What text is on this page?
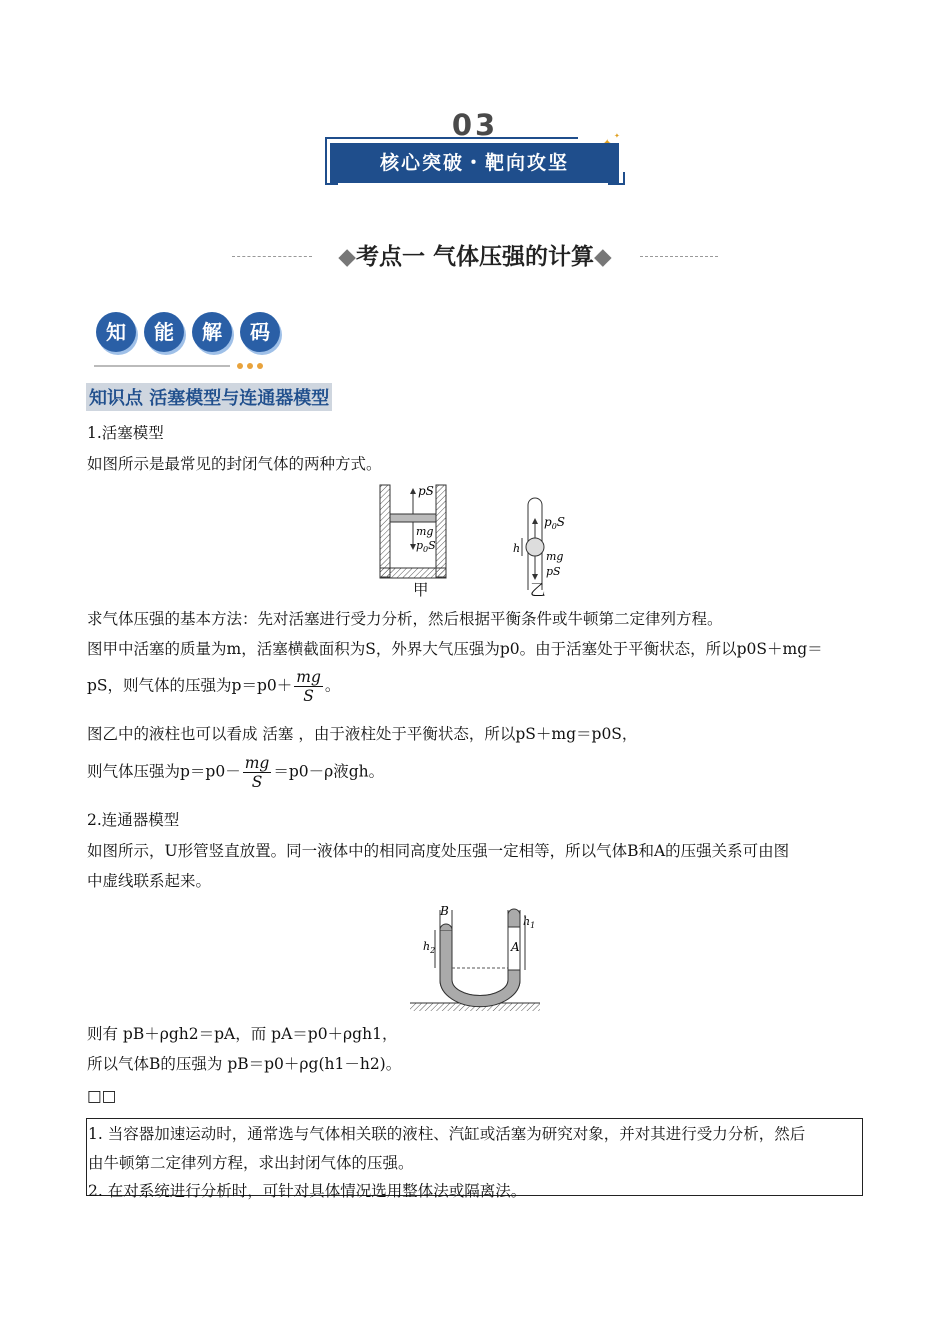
03	✦
核心突破・靶向攻坚
◆考点一 气体压强的计算◆
知	能	解	码
知识点 活塞模型与连通器模型
1.活塞模型
如图所示是最常见的封闭气体的两种方式。
pS
mg
$p_0S$
$p_0S$
mg
pS
h
甲	乙
求气体压强的基本方法：先对活塞进行受力分析，然后根据平衡条件或牛顿第二定律列方程。
图甲中活塞的质量为m，活塞横截面积为S，外界大气压强为p0。由于活塞处于平衡状态，所以p0S＋mg＝
pS，则气体的压强为$p=p0+ \frac{mg}{S}$ 。
图乙中的液柱也可以看成 活塞 ，由于液柱处于平衡状态，所以pS＋mg＝p0S，
则气体压强为$p=p0- \frac{mg}{S} =p0-\rho$液gh。
2.连通器模型
如图所示，U形管竖直放置。同一液体中的相同高度处压强一定相等，所以气体B和A的压强关系可由图
中虚线联系起来。
B
A
$h_2$
$h_1$
则有 pB＋ρgh2＝pA，而 pA＝p0＋ρgh1，
所以气体B的压强为 pB＝p0＋ρg(h1－h2)。
□□
1. 当容器加速运动时，通常选与气体相关联的液柱、汽缸或活塞为研究对象，并对其进行受力分析，然后
由牛顿第二定律列方程，求出封闭气体的压强。
2. 在对系统进行分析时，可针对具体情况选用整体法或隔离法。
